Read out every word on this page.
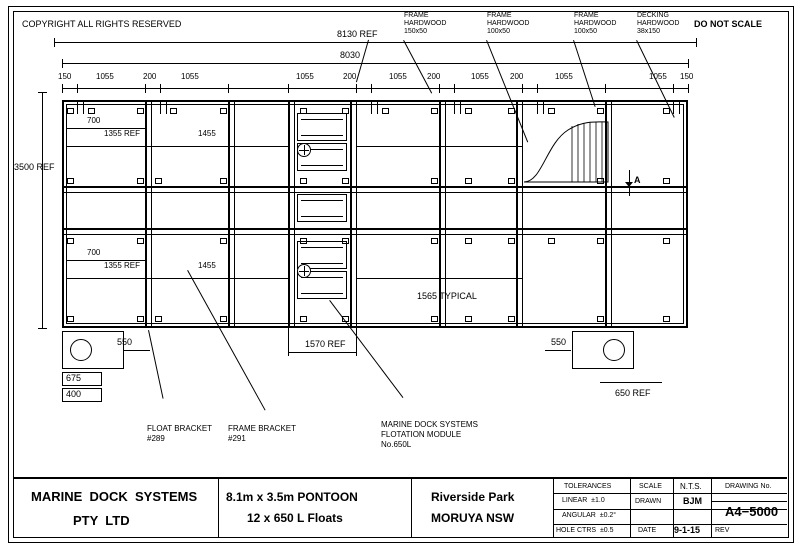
COPYRIGHT ALL RIGHTS RESERVED	DO NOT SCALE
FRAME
HARDWOOD
150x50
FRAME
HARDWOOD
100x50
FRAME
HARDWOOD
100x50
DECKING
HARDWOOD
38x150
8130 REF
8030
150	1055	200	1055	1055	200	1055	200	1055	200	1055	1055 150
3500 REF
A
700
1355 REF	1455
700
1355 REF	1455
1565 TYPICAL
1570 REF
550
675
400
550
650 REF
FLOAT BRACKET
#289
FRAME BRACKET
#291
MARINE DOCK SYSTEMS
FLOTATION MODULE
No.650L
MARINE  DOCK  SYSTEMS
PTY  LTD
8.1m x 3.5m PONTOON
12 x 650 L Floats
Riverside Park
MORUYA NSW
TOLERANCES
LINEAR  ±1.0
ANGULAR  ±0.2°
HOLE CTRS  ±0.5
SCALE N.T.S.
DRAWN BJM
DATE 9-1-15
DRAWING No.
A4−5000
REV
